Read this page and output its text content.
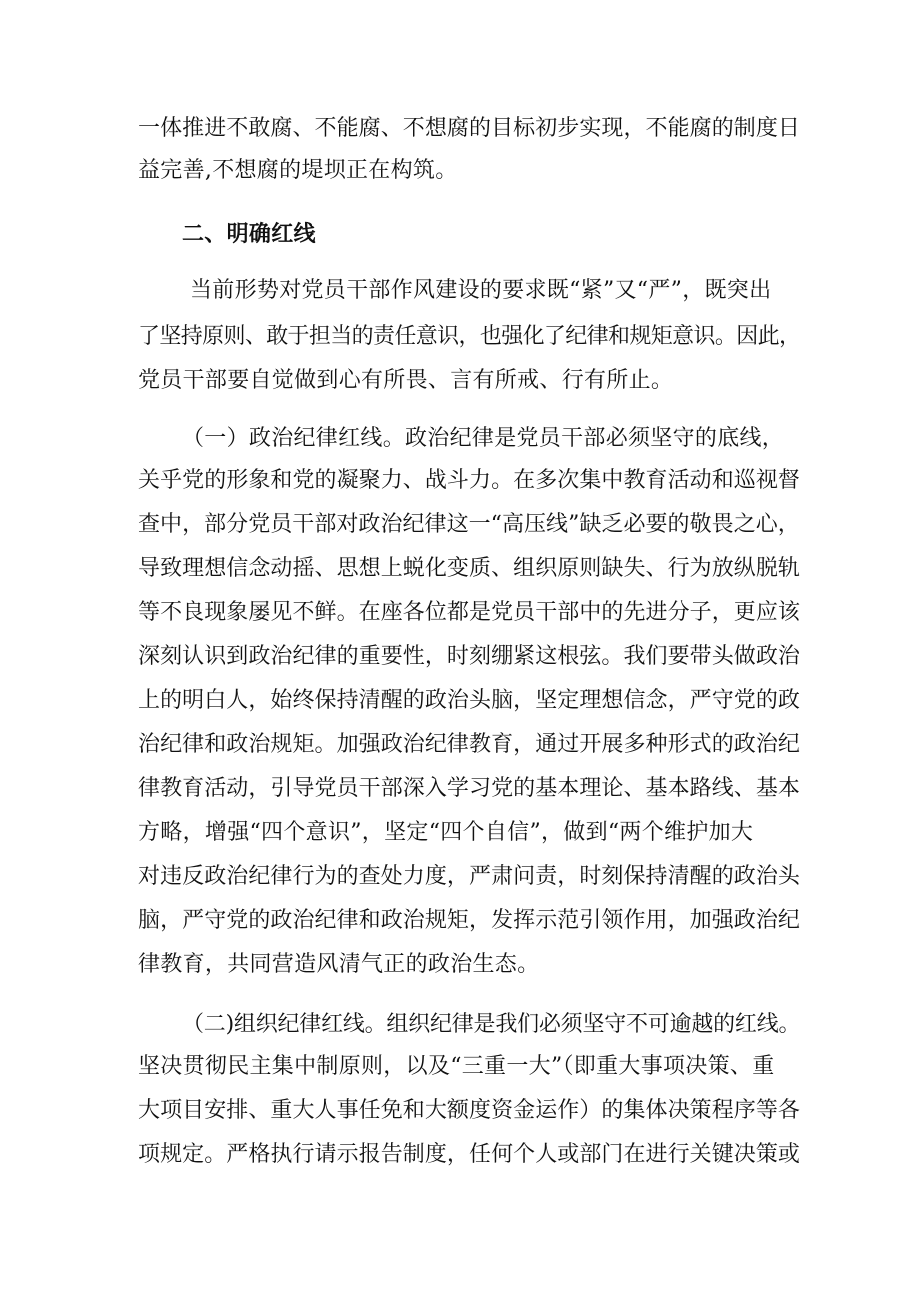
一体推进不敢腐、不能腐、不想腐的目标初步实现，不能腐的制度日
益完善,不想腐的堤坝正在构筑。
二、明确红线
当前形势对党员干部作风建设的要求既“紧”又“严”，既突出
了坚持原则、敢于担当的责任意识，也强化了纪律和规矩意识。因此，
党员干部要自觉做到心有所畏、言有所戒、行有所止。
（一）政治纪律红线。政治纪律是党员干部必须坚守的底线，
关乎党的形象和党的凝聚力、战斗力。在多次集中教育活动和巡视督
查中，部分党员干部对政治纪律这一“高压线”缺乏必要的敬畏之心，
导致理想信念动摇、思想上蜕化变质、组织原则缺失、行为放纵脱轨
等不良现象屡见不鲜。在座各位都是党员干部中的先进分子，更应该
深刻认识到政治纪律的重要性，时刻绷紧这根弦。我们要带头做政治
上的明白人，始终保持清醒的政治头脑，坚定理想信念，严守党的政
治纪律和政治规矩。加强政治纪律教育，通过开展多种形式的政治纪
律教育活动，引导党员干部深入学习党的基本理论、基本路线、基本
方略，增强“四个意识”，坚定“四个自信”，做到“两个维护加大
对违反政治纪律行为的查处力度，严肃问责，时刻保持清醒的政治头
脑，严守党的政治纪律和政治规矩，发挥示范引领作用，加强政治纪
律教育，共同营造风清气正的政治生态。
（二)组织纪律红线。组织纪律是我们必须坚守不可逾越的红线。
坚决贯彻民主集中制原则，以及“三重一大”（即重大事项决策、重
大项目安排、重大人事任免和大额度资金运作）的集体决策程序等各
项规定。严格执行请示报告制度，任何个人或部门在进行关键决策或
